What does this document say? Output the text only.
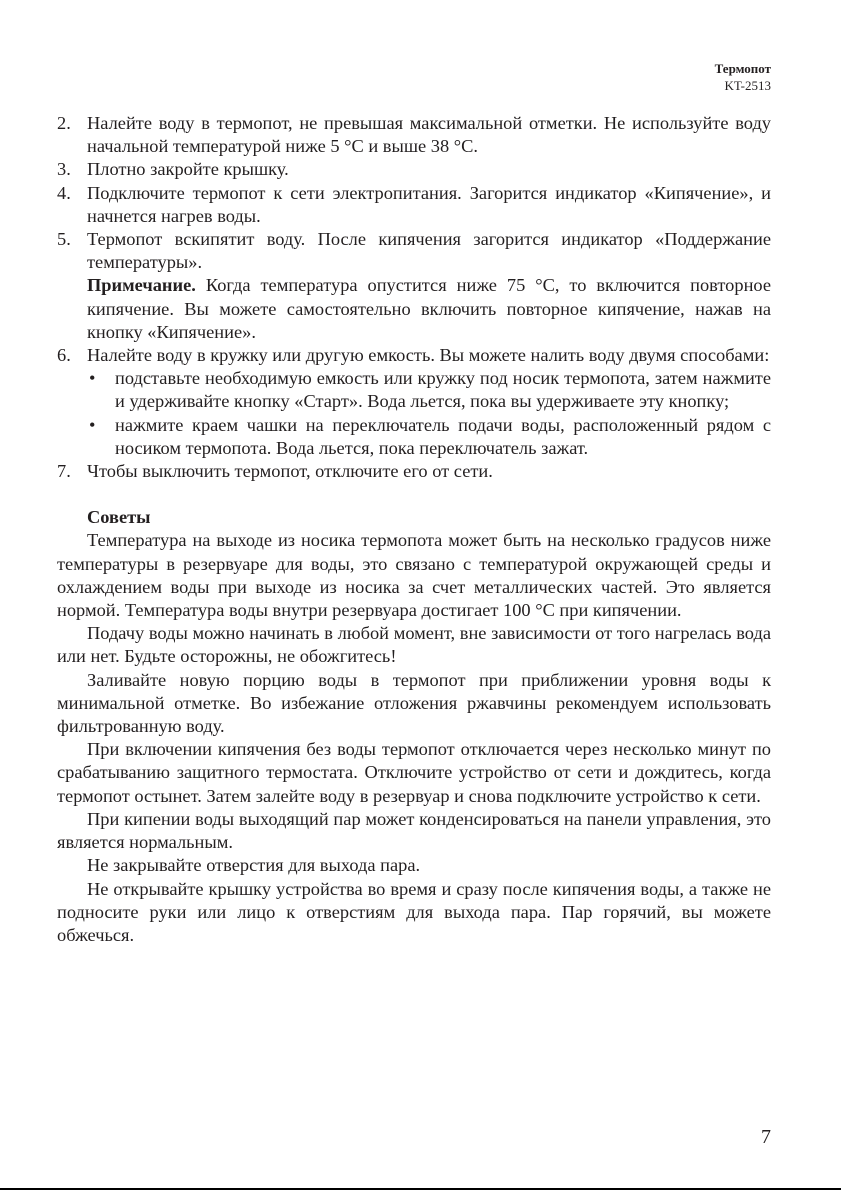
Термопот
KT-2513

2. Налейте воду в термопот, не превышая максимальной отметки. Не используйте воду начальной температурой ниже 5 °С и выше 38 °С.

3. Плотно закройте крышку.

4. Подключите термопот к сети электропитания. Загорится индикатор «Кипячение», и начнется нагрев воды.

5. Термопот вскипятит воду. После кипячения загорится индикатор «Поддержание температуры».

Примечание. Когда температура опустится ниже 75 °С, то включится повторное кипячение. Вы можете самостоятельно включить повторное кипячение, нажав на кнопку «Кипячение».

6. Налейте воду в кружку или другую емкость. Вы можете налить воду двумя способами:

• подставьте необходимую емкость или кружку под носик термопота, затем нажмите и удерживайте кнопку «Старт». Вода льется, пока вы удерживаете эту кнопку;

• нажмите краем чашки на переключатель подачи воды, расположенный рядом с носиком термопота. Вода льется, пока переключатель зажат.

7. Чтобы выключить термопот, отключите его от сети.

Советы

Температура на выходе из носика термопота может быть на несколько градусов ниже температуры в резервуаре для воды, это связано с температурой окружающей среды и охлаждением воды при выходе из носика за счет металлических частей. Это является нормой. Температура воды внутри резервуара достигает 100 °С при кипячении.

Подачу воды можно начинать в любой момент, вне зависимости от того нагрелась вода или нет. Будьте осторожны, не обожгитесь!

Заливайте новую порцию воды в термопот при приближении уровня воды к минимальной отметке. Во избежание отложения ржавчины рекомендуем использовать фильтрованную воду.

При включении кипячения без воды термопот отключается через несколько минут по срабатыванию защитного термостата. Отключите устройство от сети и дождитесь, когда термопот остынет. Затем залейте воду в резервуар и снова подключите устройство к сети.

При кипении воды выходящий пар может конденсироваться на панели управления, это является нормальным.

Не закрывайте отверстия для выхода пара.

Не открывайте крышку устройства во время и сразу после кипячения воды, а также не подносите руки или лицо к отверстиям для выхода пара. Пар горячий, вы можете обжечься.

7
